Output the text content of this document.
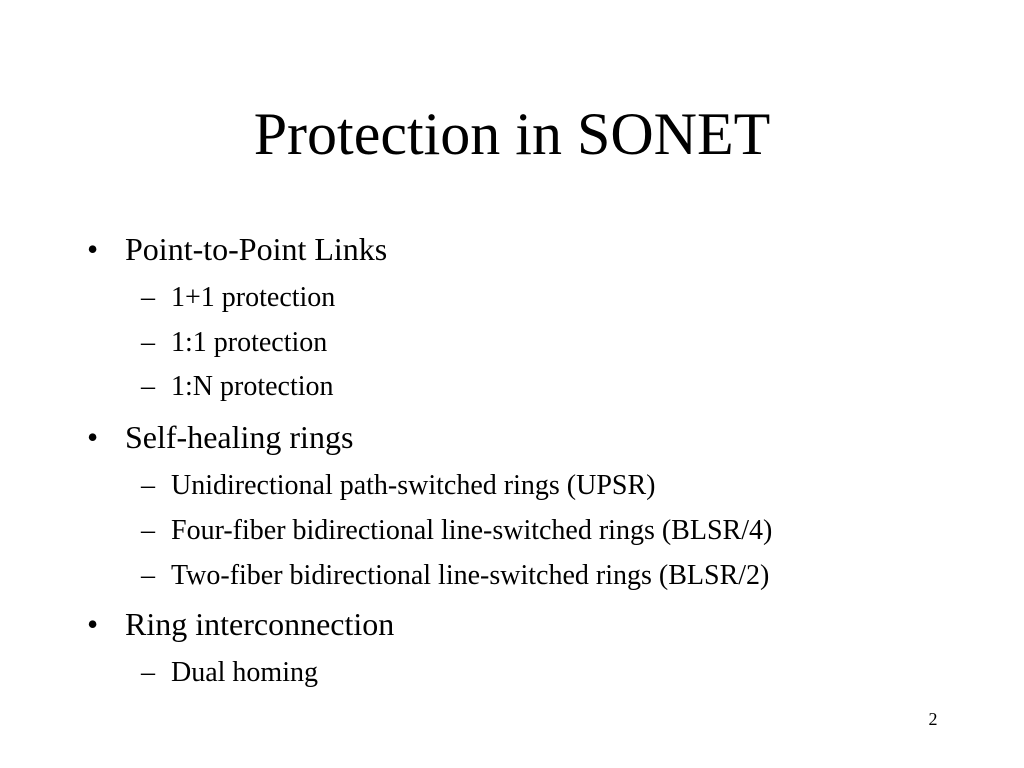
Protection in SONET
• Point-to-Point Links
– 1+1 protection
– 1:1 protection
– 1:N protection
• Self-healing rings
– Unidirectional path-switched rings (UPSR)
– Four-fiber bidirectional line-switched rings (BLSR/4)
– Two-fiber bidirectional line-switched rings (BLSR/2)
• Ring interconnection
– Dual homing
2
